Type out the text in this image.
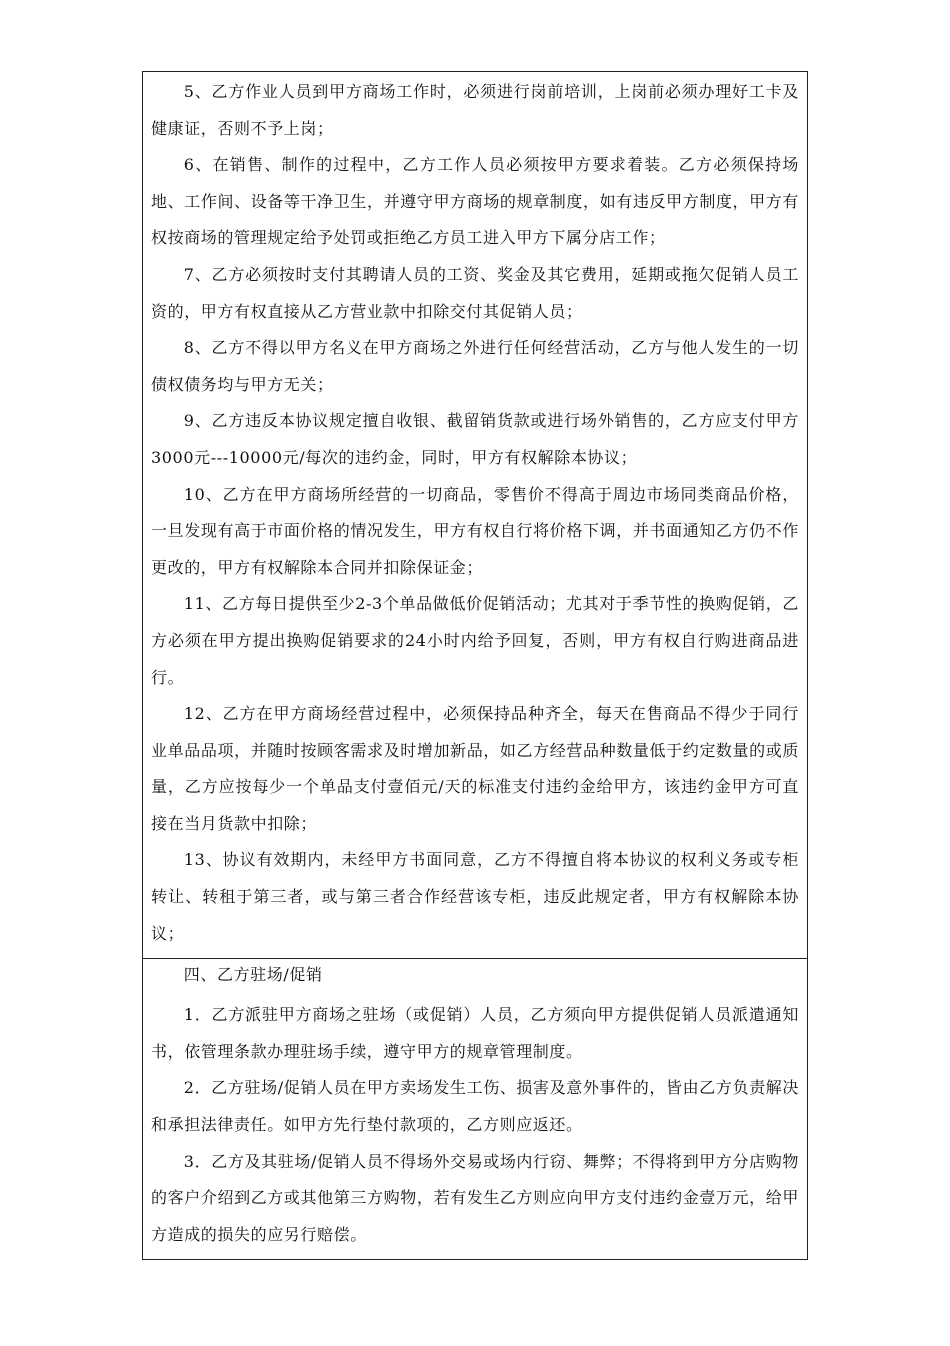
5、乙方作业人员到甲方商场工作时，必须进行岗前培训，上岗前必须办理好工卡及健康证，否则不予上岗；

6、在销售、制作的过程中，乙方工作人员必须按甲方要求着装。乙方必须保持场地、工作间、设备等干净卫生，并遵守甲方商场的规章制度，如有违反甲方制度，甲方有权按商场的管理规定给予处罚或拒绝乙方员工进入甲方下属分店工作；

7、乙方必须按时支付其聘请人员的工资、奖金及其它费用，延期或拖欠促销人员工资的，甲方有权直接从乙方营业款中扣除交付其促销人员；

8、乙方不得以甲方名义在甲方商场之外进行任何经营活动，乙方与他人发生的一切债权债务均与甲方无关；

9、乙方违反本协议规定擅自收银、截留销货款或进行场外销售的，乙方应支付甲方3000元---10000元/每次的违约金，同时，甲方有权解除本协议；

10、乙方在甲方商场所经营的一切商品，零售价不得高于周边市场同类商品价格，一旦发现有高于市面价格的情况发生，甲方有权自行将价格下调，并书面通知乙方仍不作更改的，甲方有权解除本合同并扣除保证金；

11、乙方每日提供至少2-3个单品做低价促销活动；尤其对于季节性的换购促销，乙方必须在甲方提出换购促销要求的24小时内给予回复，否则，甲方有权自行购进商品进行。

12、乙方在甲方商场经营过程中，必须保持品种齐全，每天在售商品不得少于同行业单品品项，并随时按顾客需求及时增加新品，如乙方经营品种数量低于约定数量的或质量，乙方应按每少一个单品支付壹佰元/天的标准支付违约金给甲方，该违约金甲方可直接在当月货款中扣除；

13、协议有效期内，未经甲方书面同意，乙方不得擅自将本协议的权利义务或专柜转让、转租于第三者，或与第三者合作经营该专柜，违反此规定者，甲方有权解除本协议；

四、乙方驻场/促销

1．乙方派驻甲方商场之驻场（或促销）人员，乙方须向甲方提供促销人员派遣通知书，依管理条款办理驻场手续，遵守甲方的规章管理制度。

2．乙方驻场/促销人员在甲方卖场发生工伤、损害及意外事件的，皆由乙方负责解决和承担法律责任。如甲方先行垫付款项的，乙方则应返还。

3．乙方及其驻场/促销人员不得场外交易或场内行窃、舞弊；不得将到甲方分店购物的客户介绍到乙方或其他第三方购物，若有发生乙方则应向甲方支付违约金壹万元，给甲方造成的损失的应另行赔偿。
